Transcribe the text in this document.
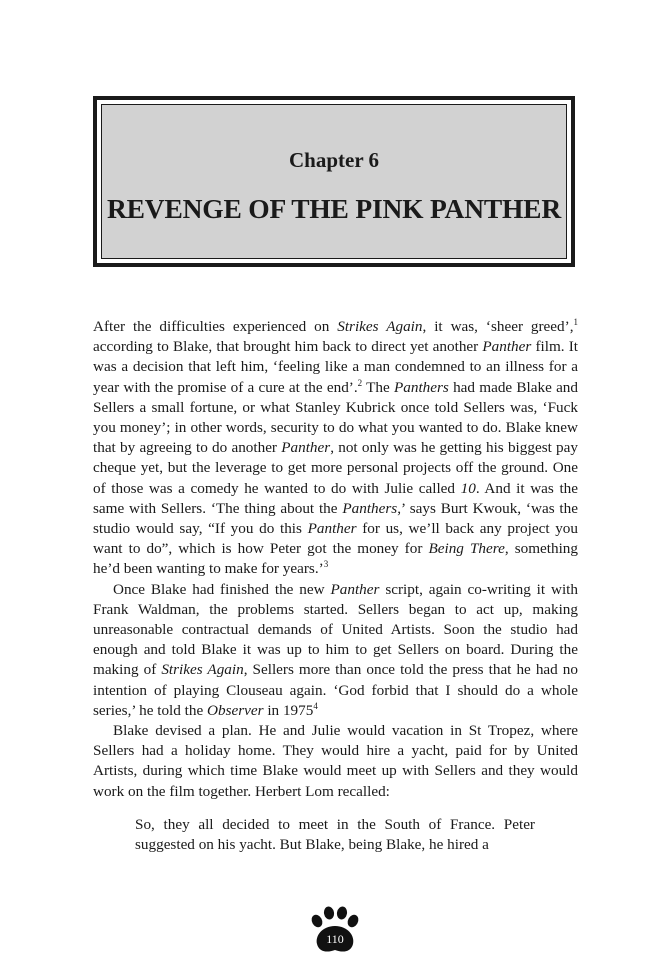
Chapter 6
REVENGE OF THE PINK PANTHER

After the difficulties experienced on Strikes Again, it was, ‘sheer greed’,$^1$ according to Blake, that brought him back to direct yet another Panther film. It was a decision that left him, ‘feeling like a man condemned to an illness for a year with the promise of a cure at the end’.$^2$ The Panthers had made Blake and Sellers a small fortune, or what Stanley Kubrick once told Sellers was, ‘Fuck you money’; in other words, security to do what you wanted to do. Blake knew that by agreeing to do another Panther, not only was he getting his biggest pay cheque yet, but the leverage to get more personal projects off the ground. One of those was a comedy he wanted to do with Julie called 10. And it was the same with Sellers. ‘The thing about the Panthers,’ says Burt Kwouk, ‘was the studio would say, “If you do this Panther for us, we’ll back any project you want to do”, which is how Peter got the money for Being There, something he’d been wanting to make for years.’$^3$

Once Blake had finished the new Panther script, again co-writing it with Frank Waldman, the problems started. Sellers began to act up, making unreasonable contractual demands of United Artists. Soon the studio had enough and told Blake it was up to him to get Sellers on board. During the making of Strikes Again, Sellers more than once told the press that he had no intention of playing Clouseau again. ‘God forbid that I should do a whole series,’ he told the Observer in 1975$^4$

Blake devised a plan. He and Julie would vacation in St Tropez, where Sellers had a holiday home. They would hire a yacht, paid for by United Artists, during which time Blake would meet up with Sellers and they would work on the film together. Herbert Lom recalled:

So, they all decided to meet in the South of France. Peter suggested on his yacht. But Blake, being Blake, he hired a

110
